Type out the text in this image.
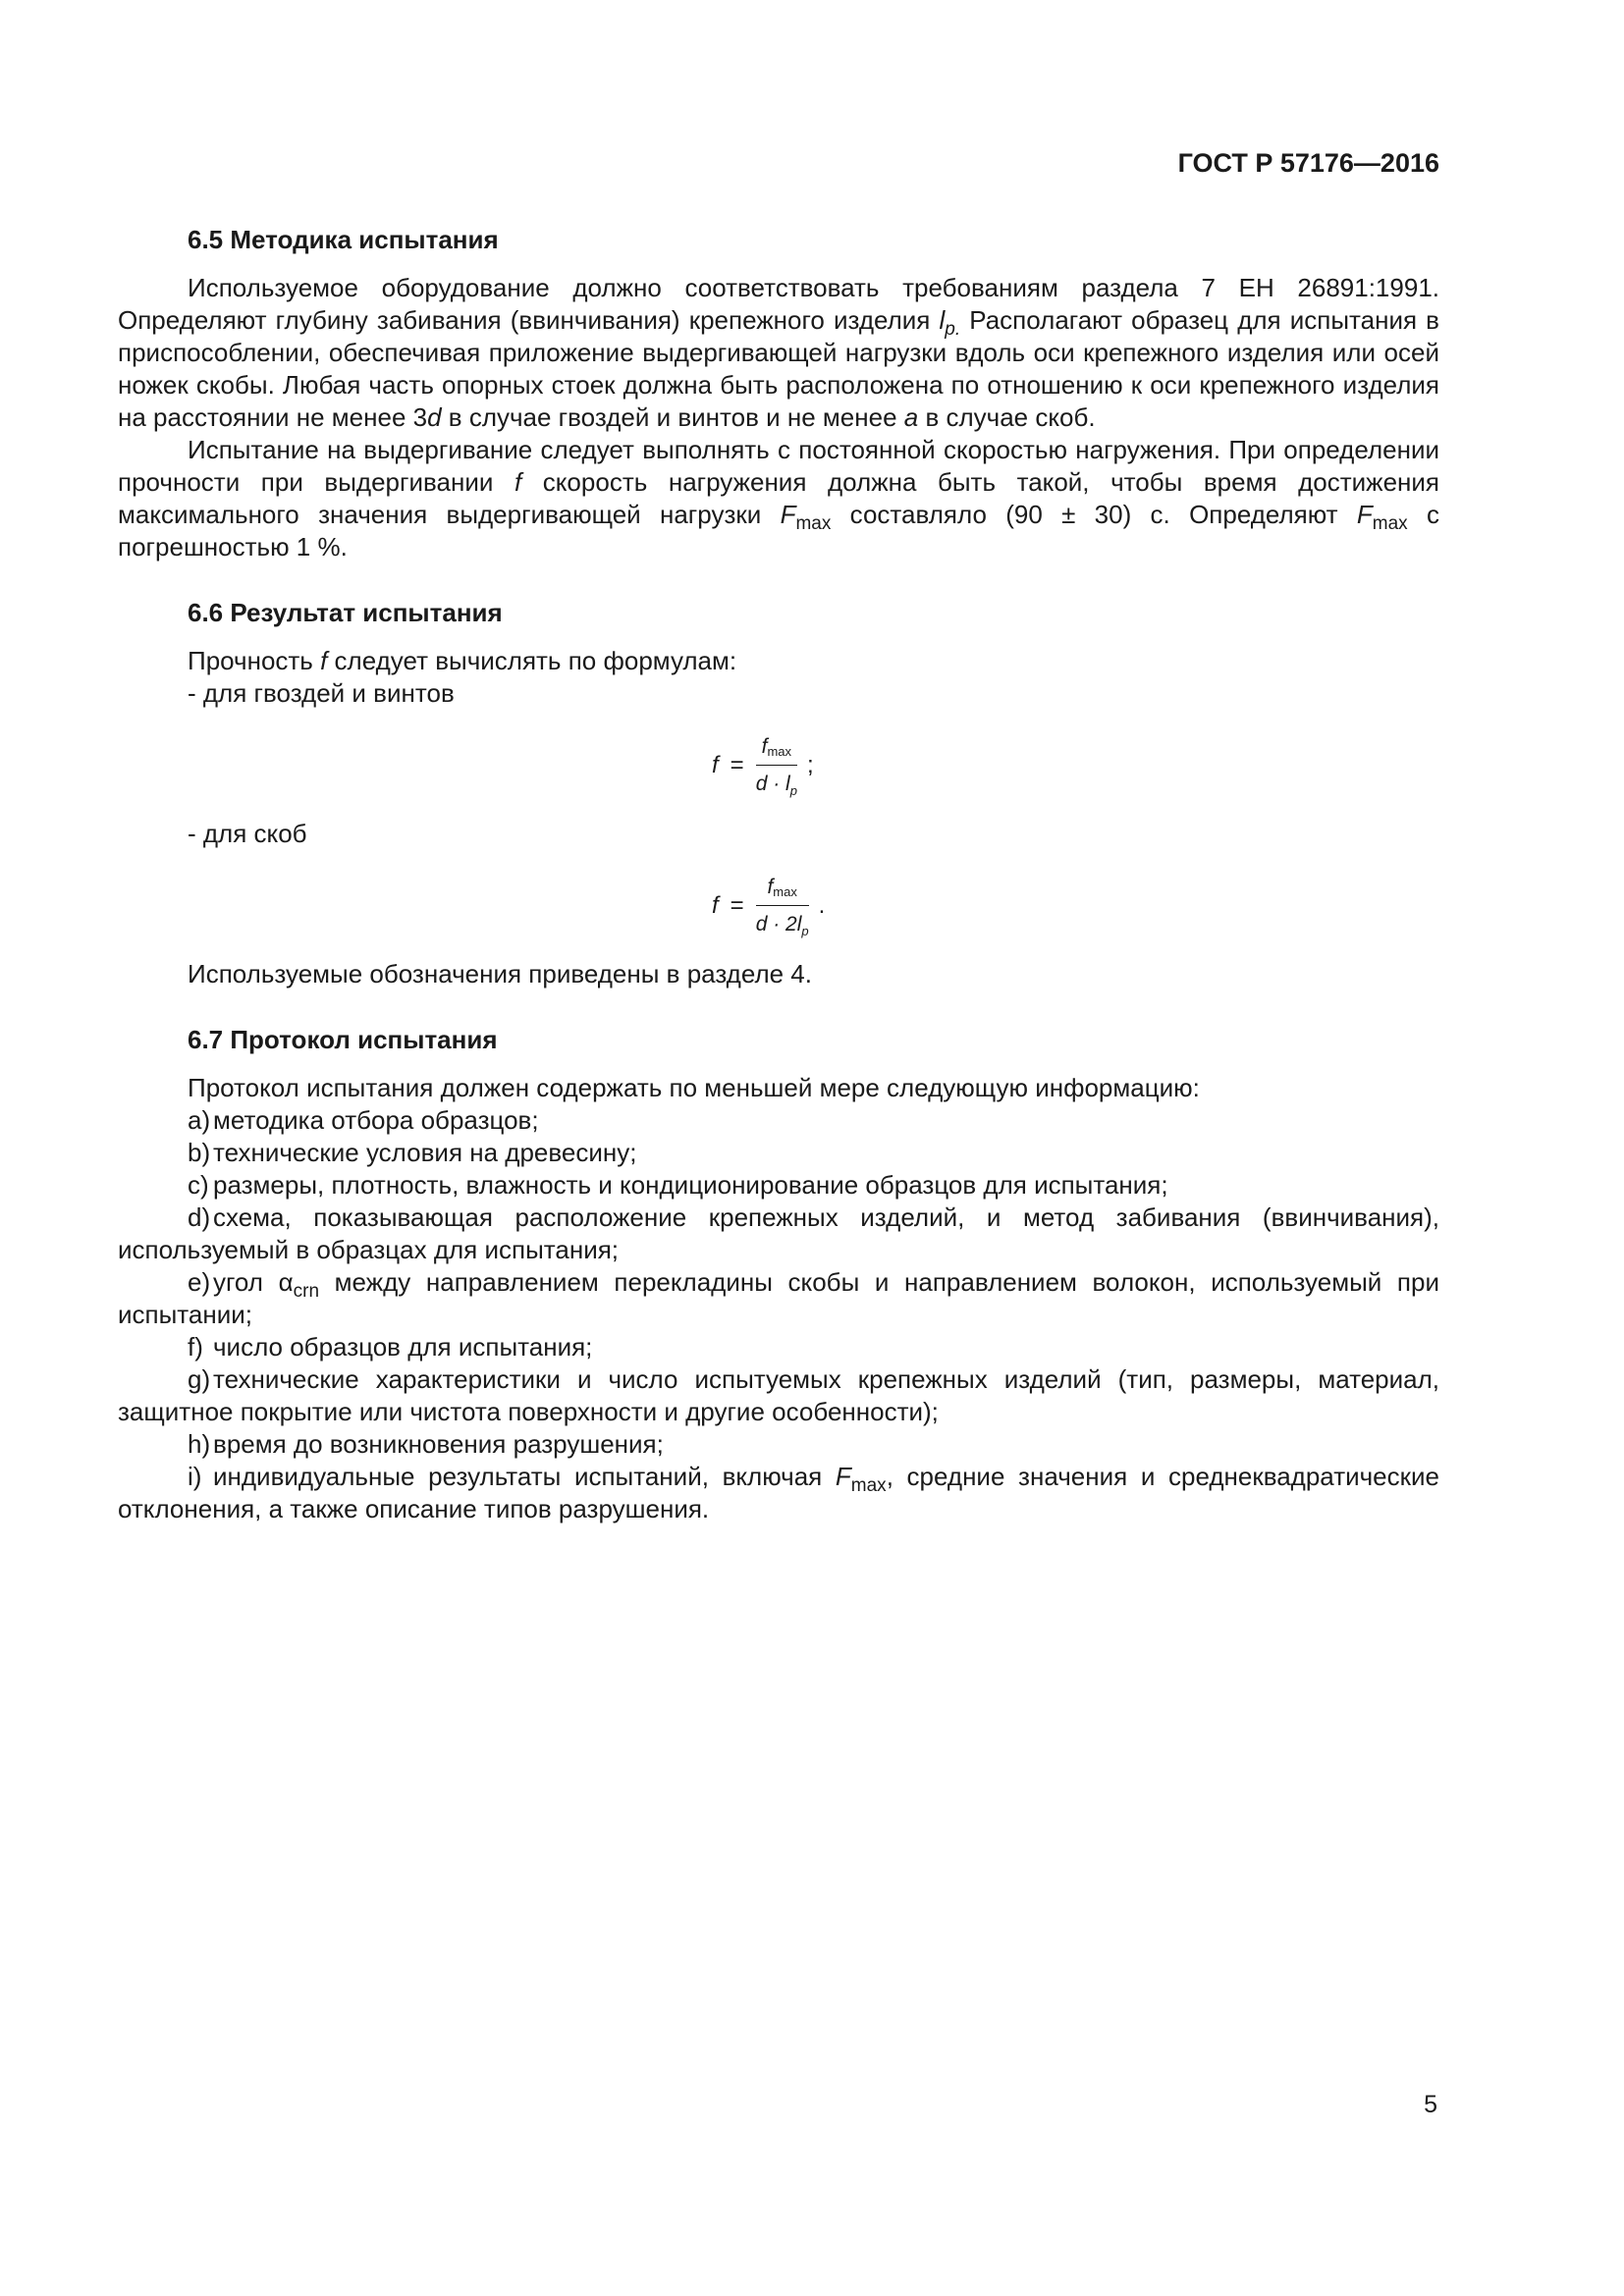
ГОСТ Р 57176—2016
6.5 Методика испытания

Используемое оборудование должно соответствовать требованиям раздела 7 ЕН 26891:1991. Определяют глубину забивания (ввинчивания) крепежного изделия $l_{p.}$ Располагают образец для испытания в приспособлении, обеспечивая приложение выдергивающей нагрузки вдоль оси крепежного изделия или осей ножек скобы. Любая часть опорных стоек должна быть расположена по отношению к оси крепежного изделия на расстоянии не менее 3d в случае гвоздей и винтов и не менее a в случае скоб.

Испытание на выдергивание следует выполнять с постоянной скоростью нагружения. При определении прочности при выдергивании f скорость нагружения должна быть такой, чтобы время достижения максимального значения выдергивающей нагрузки $F_{max}$ составляло (90 ± 30) с. Определяют $F_{max}$ с погрешностью 1 %.

6.6 Результат испытания

Прочность f следует вычислять по формулам:

- для гвоздей и винтов

$f = \frac{f_{max}}{d \cdot l_p}$ ;

- для скоб

$f = \frac{f_{max}}{d \cdot 2l_p}$ .

Используемые обозначения приведены в разделе 4.

6.7 Протокол испытания

Протокол испытания должен содержать по меньшей мере следующую информацию:

a) методика отбора образцов;
b) технические условия на древесину;
c) размеры, плотность, влажность и кондиционирование образцов для испытания;
d) схема, показывающая расположение крепежных изделий, и метод забивания (ввинчивания), используемый в образцах для испытания;
e) угол $\alpha_{crn}$ между направлением перекладины скобы и направлением волокон, используемый при испытании;
f) число образцов для испытания;
g) технические характеристики и число испытуемых крепежных изделий (тип, размеры, материал, защитное покрытие или чистота поверхности и другие особенности);
h) время до возникновения разрушения;
i) индивидуальные результаты испытаний, включая $F_{max}$, средние значения и среднеквадратические отклонения, а также описание типов разрушения.
5
